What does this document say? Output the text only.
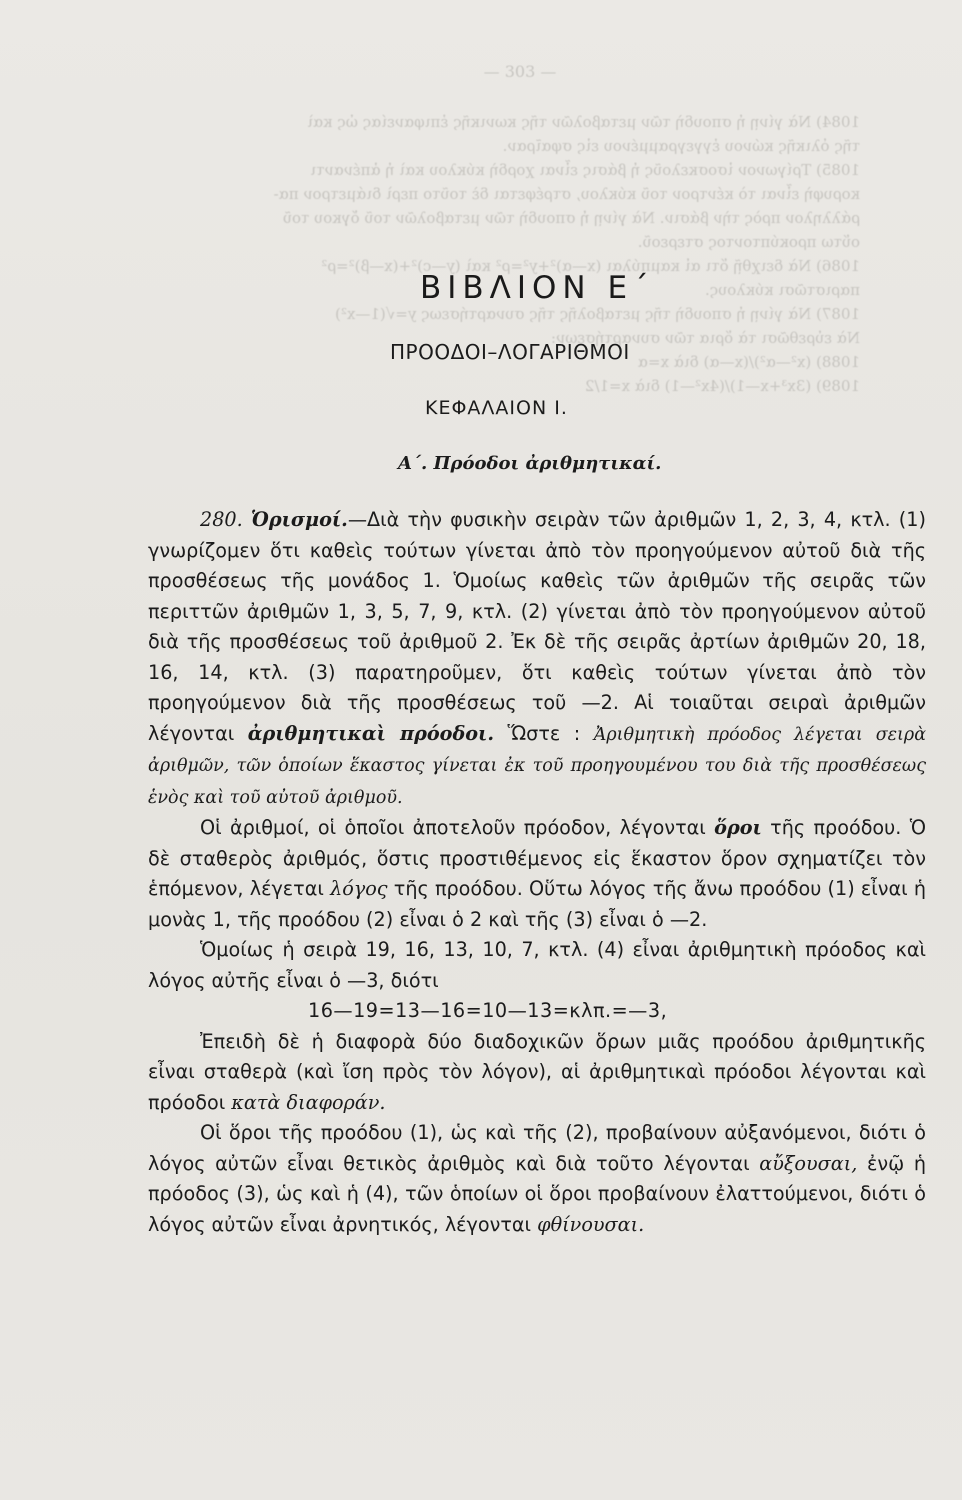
— 303 —
1084) Νὰ γίνῃ ἡ σπουδὴ τῶν μεταβολῶν τῆς κωνικῆς ἐπιφανείας ὡς καὶ
τῆς ὁλικῆς κώνου ἐγγεγραμμένου εἰς σφαῖραν.
1085) Τρίγωνον ἰσοσκελοῦς ἡ βάσις εἶναι χορδὴ κύκλου καὶ ἡ ἀπέναντι
κορυφὴ εἶναι τὸ κέντρον τοῦ κύκλου, στρέφεται δὲ τοῦτο περὶ διάμετρον πα-
ράλληλον πρὸς τὴν βάσιν. Νὰ γίνῃ ἡ σπουδὴ τῶν μεταβολῶν τοῦ ὄγκου τοῦ
οὕτω προκύπτοντος στερεοῦ.
1086) Νὰ δειχθῇ ὅτι αἱ καμπύλαι (x—α)²+y²=ρ² καὶ (y—c)²+(x—β)²=ρ²
παριστῶσι κύκλους.
1087) Νὰ γίνῃ ἡ σπουδὴ τῆς μεταβολῆς τῆς συναρτήσεως y=√(1—x²)
Νὰ εὑρεθῶσι τὰ ὅρια τῶν συναρτήσεων:
1088) (x²—α²)/(x—α) διὰ x=α
1089) (3x³+x—1)/(4x²—1) διὰ x=1/2
ΒΙΒΛΙΟΝ Ε΄
ΠΡΟΟΔΟΙ–ΛΟΓΑΡΙΘΜΟΙ
ΚΕΦΑΛΑΙΟΝ Ι.
Α΄. Πρόοδοι ἀριθμητικαί.

280. Ὁρισμοί.—Διὰ τὴν φυσικὴν σειρὰν τῶν ἀριθμῶν 1, 2, 3, 4, κτλ. (1) γνωρίζομεν ὅτι καθεὶς τούτων γίνεται ἀπὸ τὸν προηγούμενον αὐτοῦ διὰ τῆς προσθέσεως τῆς μονάδος 1. Ὁμοίως καθεὶς τῶν ἀριθμῶν τῆς σειρᾶς τῶν περιττῶν ἀριθμῶν 1, 3, 5, 7, 9, κτλ. (2) γίνεται ἀπὸ τὸν προηγούμενον αὐτοῦ διὰ τῆς προσθέσεως τοῦ ἀριθμοῦ 2. Ἐκ δὲ τῆς σειρᾶς ἀρτίων ἀριθμῶν 20, 18, 16, 14, κτλ. (3) παρατηροῦμεν, ὅτι καθεὶς τούτων γίνεται ἀπὸ τὸν προηγούμενον διὰ τῆς προσθέσεως τοῦ —2. Αἱ τοιαῦται σειραὶ ἀριθμῶν λέγονται ἀριθμητικαὶ πρόοδοι. Ὥστε : Ἀριθμητικὴ πρόοδος λέγεται σειρὰ ἀριθμῶν, τῶν ὁποίων ἕκαστος γίνεται ἐκ τοῦ προηγουμένου του διὰ τῆς προσθέσεως ἑνὸς καὶ τοῦ αὐτοῦ ἀριθμοῦ.

Οἱ ἀριθμοί, οἱ ὁποῖοι ἀποτελοῦν πρόοδον, λέγονται ὅροι τῆς προόδου. Ὁ δὲ σταθερὸς ἀριθμός, ὅστις προστιθέμενος εἰς ἕκαστον ὅρον σχηματίζει τὸν ἑπόμενον, λέγεται λόγος τῆς προόδου. Οὕτω λόγος τῆς ἄνω προόδου (1) εἶναι ἡ μονὰς 1, τῆς προόδου (2) εἶναι ὁ 2 καὶ τῆς (3) εἶναι ὁ —2.

Ὁμοίως ἡ σειρὰ 19, 16, 13, 10, 7, κτλ. (4) εἶναι ἀριθμητικὴ πρόοδος καὶ λόγος αὐτῆς εἶναι ὁ —3, διότι

16—19=13—16=10—13=κλπ.=—3,

Ἐπειδὴ δὲ ἡ διαφορὰ δύο διαδοχικῶν ὅρων μιᾶς προόδου ἀριθμητικῆς εἶναι σταθερὰ (καὶ ἴση πρὸς τὸν λόγον), αἱ ἀριθμητικαὶ πρόοδοι λέγονται καὶ πρόοδοι κατὰ διαφοράν.

Οἱ ὅροι τῆς προόδου (1), ὡς καὶ τῆς (2), προβαίνουν αὐξανόμενοι, διότι ὁ λόγος αὐτῶν εἶναι θετικὸς ἀριθμὸς καὶ διὰ τοῦτο λέγονται αὔξουσαι, ἐνῷ ἡ πρόοδος (3), ὡς καὶ ἡ (4), τῶν ὁποίων οἱ ὅροι προβαίνουν ἐλαττούμενοι, διότι ὁ λόγος αὐτῶν εἶναι ἀρνητικός, λέγονται φθίνουσαι.
